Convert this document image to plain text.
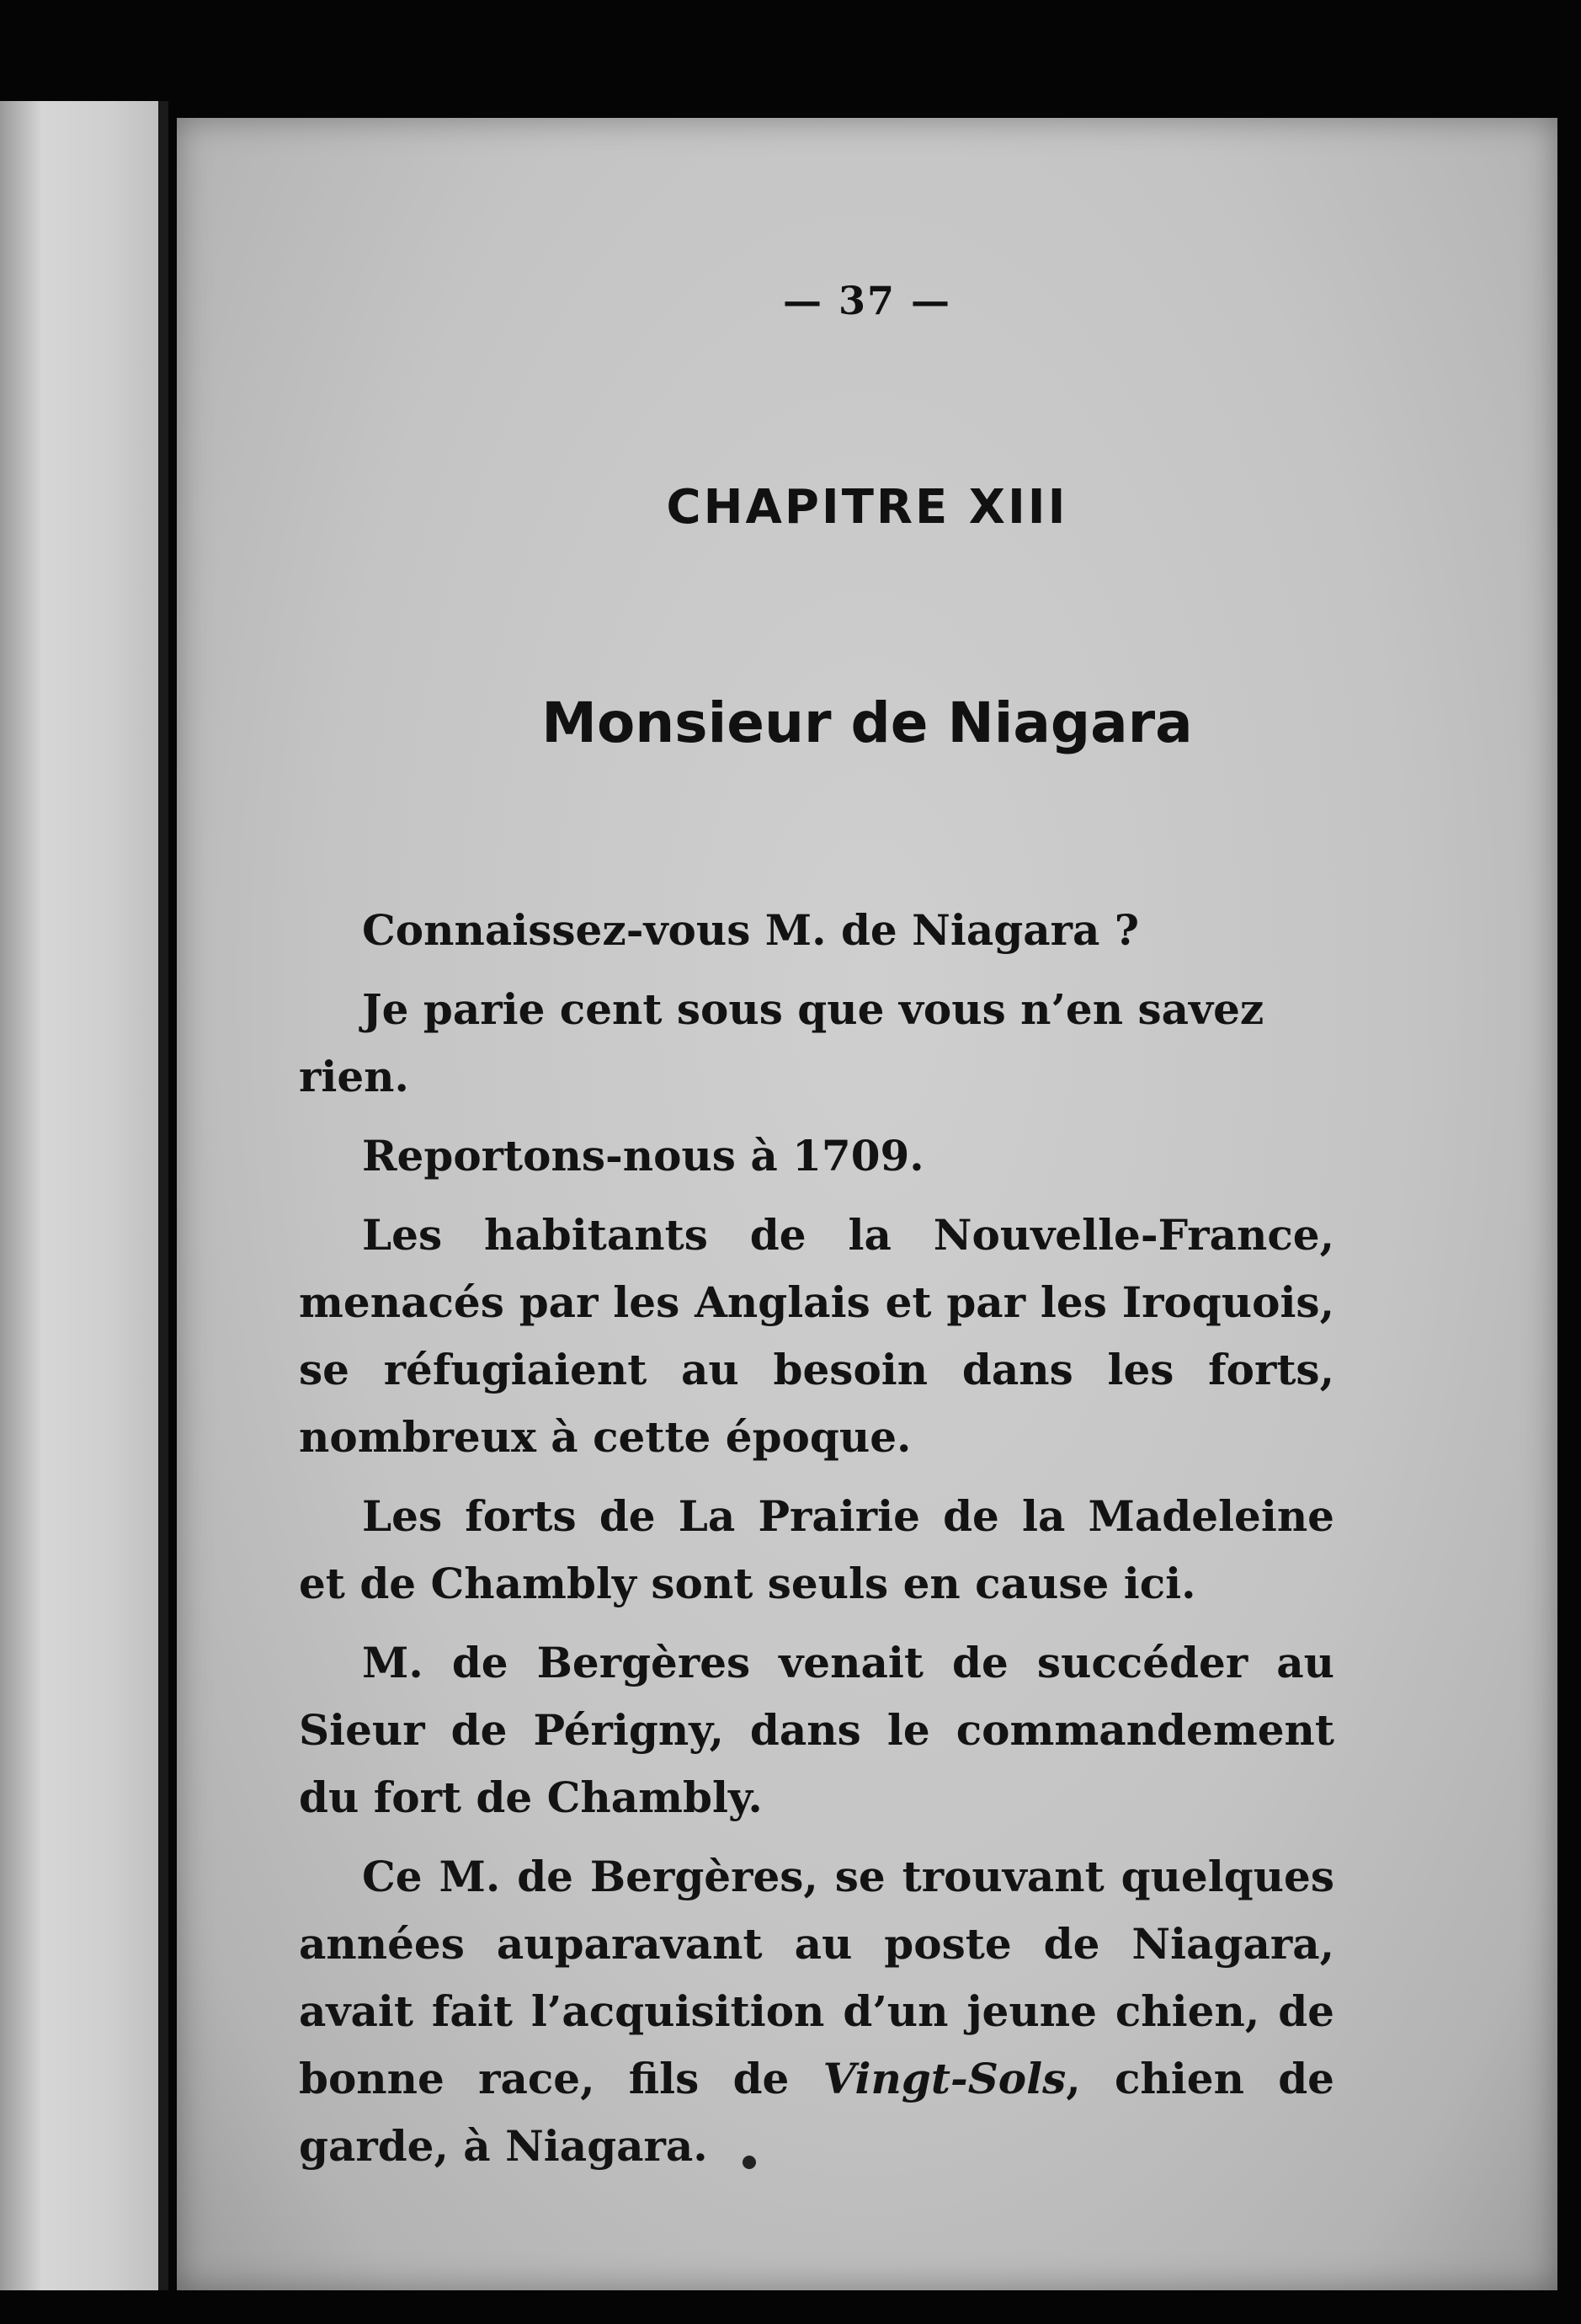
— 37 —
CHAPITRE XIII
Monsieur de Niagara

Connaissez-vous M. de Niagara ?

Je parie cent sous que vous n’en savez rien.

Reportons-nous à 1709.

Les habitants de la Nouvelle-France, menacés par les Anglais et par les Iroquois, se réfugiaient au besoin dans les forts, nombreux à cette époque.

Les forts de La Prairie de la Madeleine et de Chambly sont seuls en cause ici.

M. de Bergères venait de succéder au Sieur de Périgny, dans le commandement du fort de Chambly.

Ce M. de Bergères, se trouvant quelques années auparavant au poste de Niagara, avait fait l’acquisition d’un jeune chien, de bonne race, fils de Vingt-Sols, chien de garde, à Niagara.
